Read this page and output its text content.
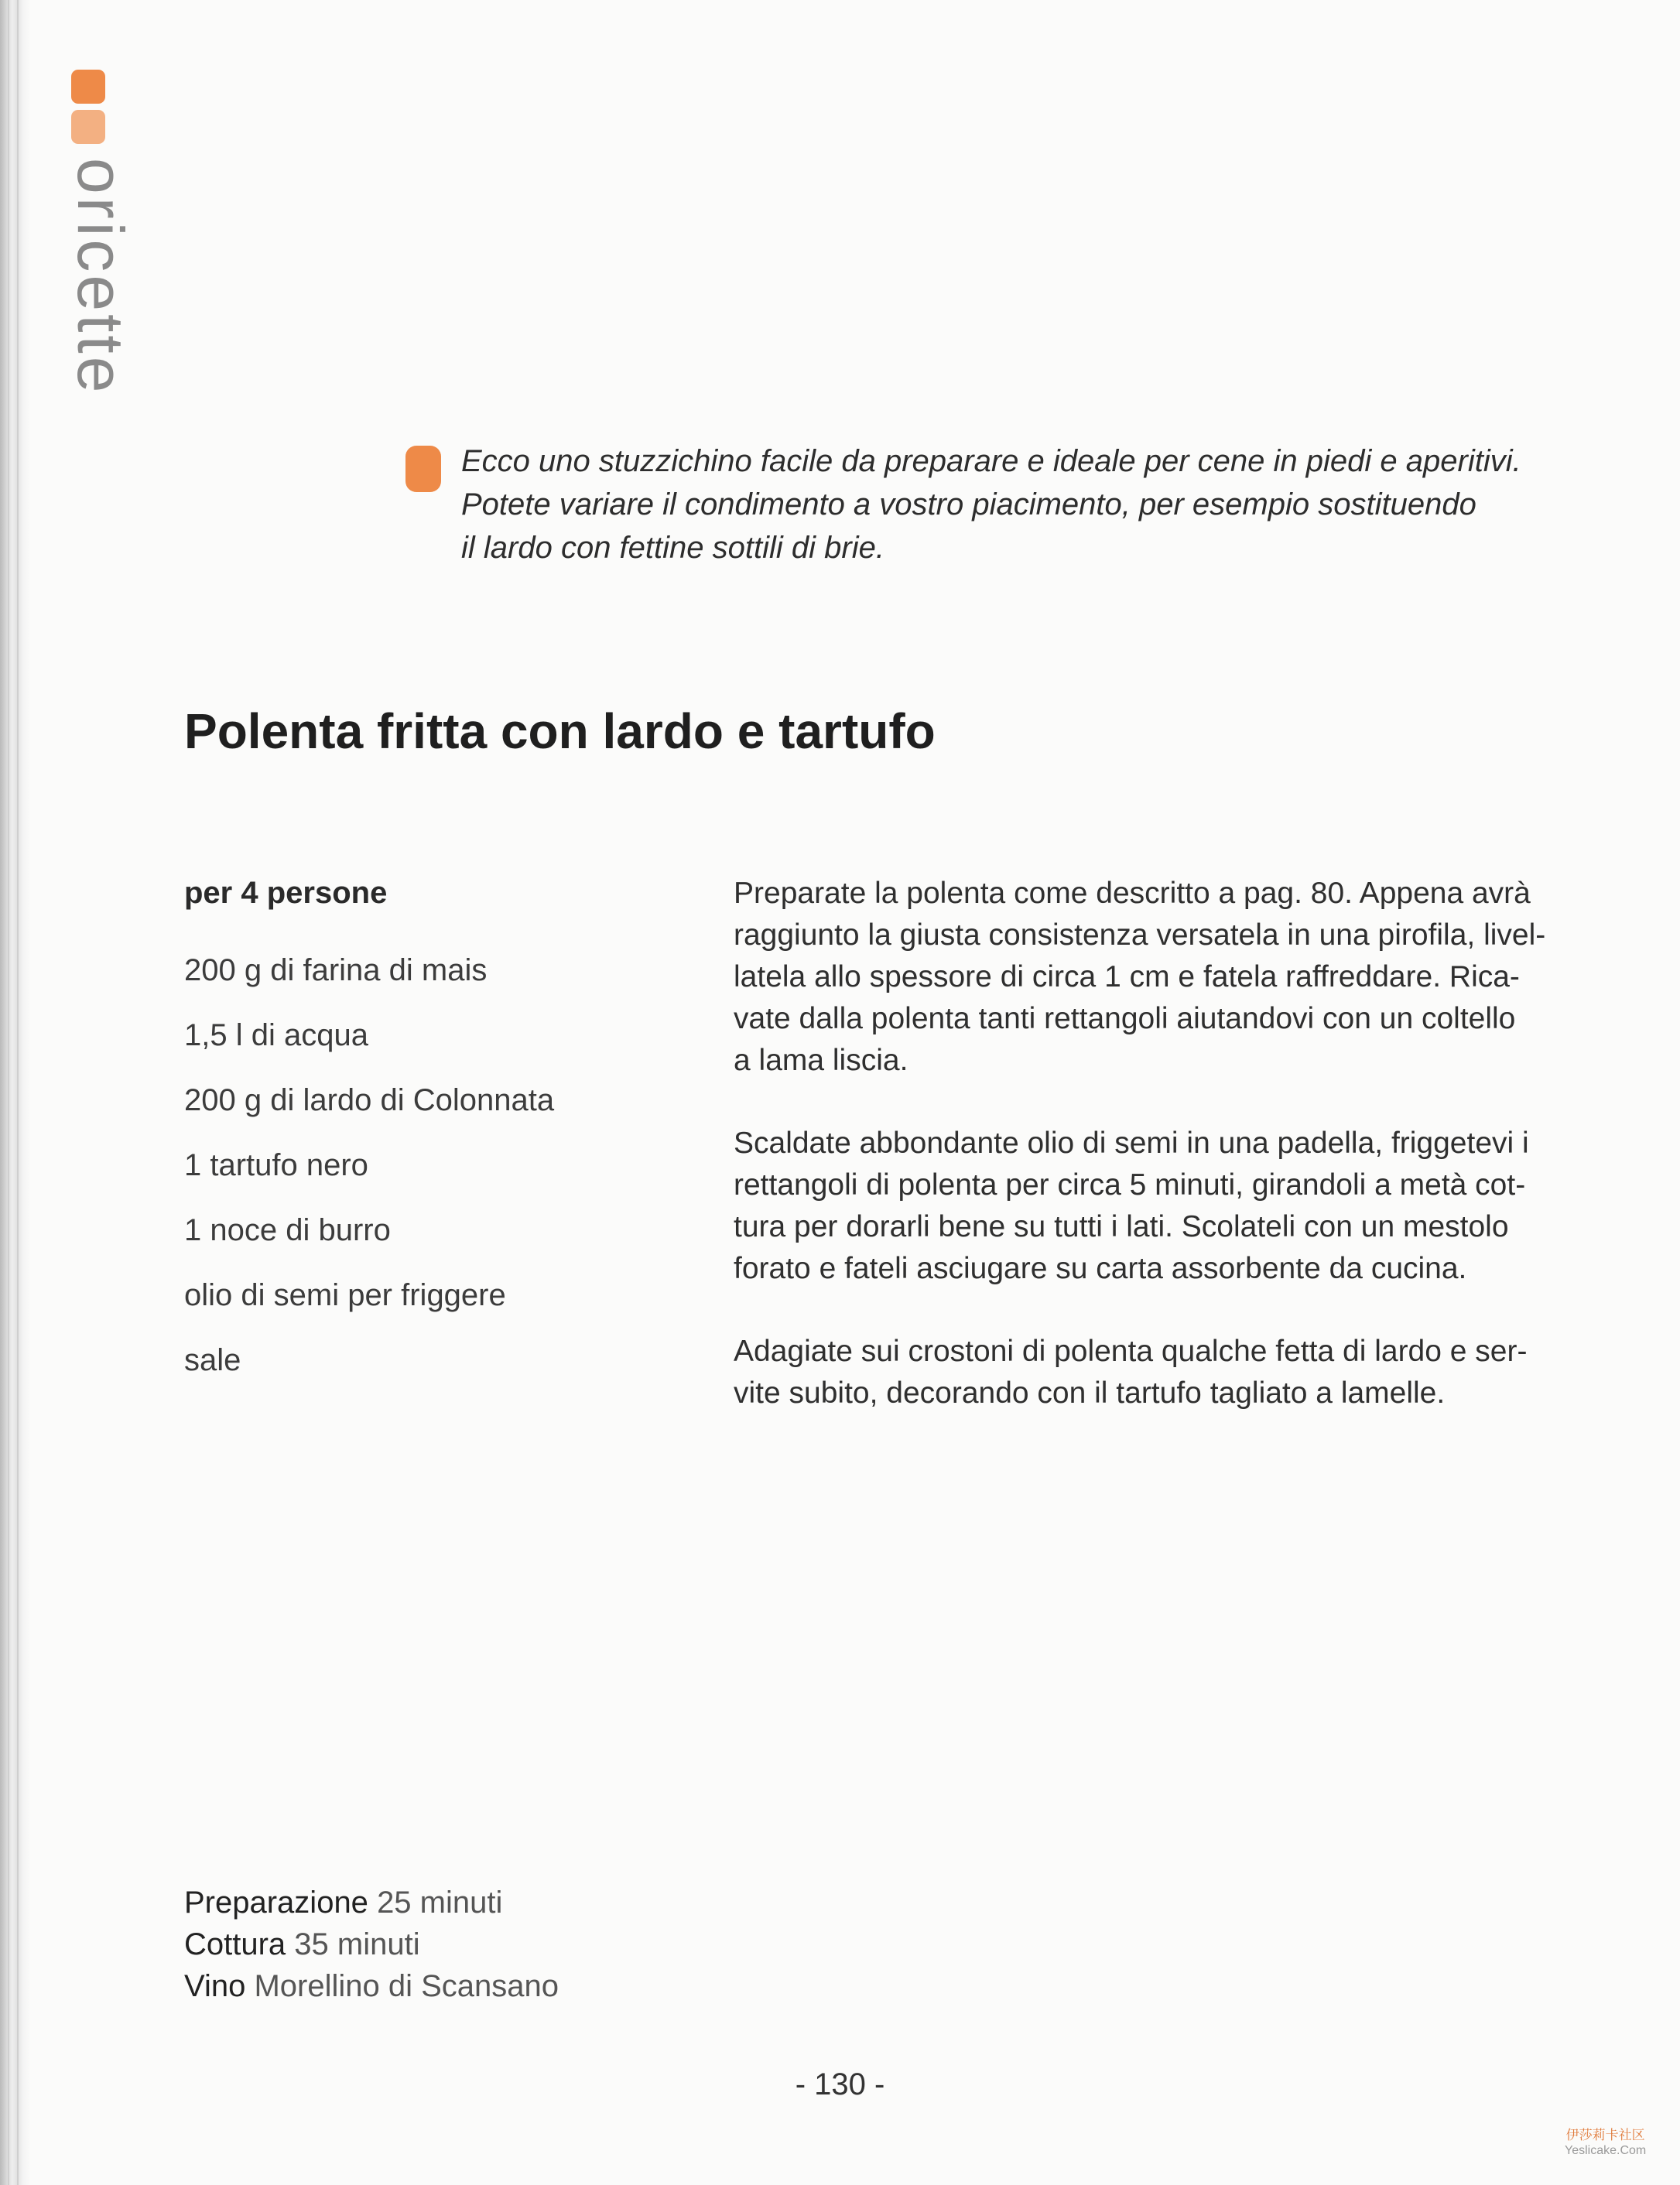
oricette
Ecco uno stuzzichino facile da preparare e ideale per cene in piedi e aperitivi.
Potete variare il condimento a vostro piacimento, per esempio sostituendo
il lardo con fettine sottili di brie.
Polenta fritta con lardo e tartufo
per 4 persone
200 g di farina di mais
1,5 l di acqua
200 g di lardo di Colonnata
1 tartufo nero
1 noce di burro
olio di semi per friggere
sale

Preparate la polenta come descritto a pag. 80. Appena avrà
raggiunto la giusta consistenza versatela in una pirofila, livel-
latela allo spessore di circa 1 cm e fatela raffreddare. Rica-
vate dalla polenta tanti rettangoli aiutandovi con un coltello
a lama liscia.

Scaldate abbondante olio di semi in una padella, friggetevi i
rettangoli di polenta per circa 5 minuti, girandoli a metà cot-
tura per dorarli bene su tutti i lati. Scolateli con un mestolo
forato e fateli asciugare su carta assorbente da cucina.

Adagiate sui crostoni di polenta qualche fetta di lardo e ser-
vite subito, decorando con il tartufo tagliato a lamelle.

Preparazione 25 minuti
Cottura 35 minuti
Vino Morellino di Scansano
- 130 -
伊莎莉卡社区
Yeslicake.Com
